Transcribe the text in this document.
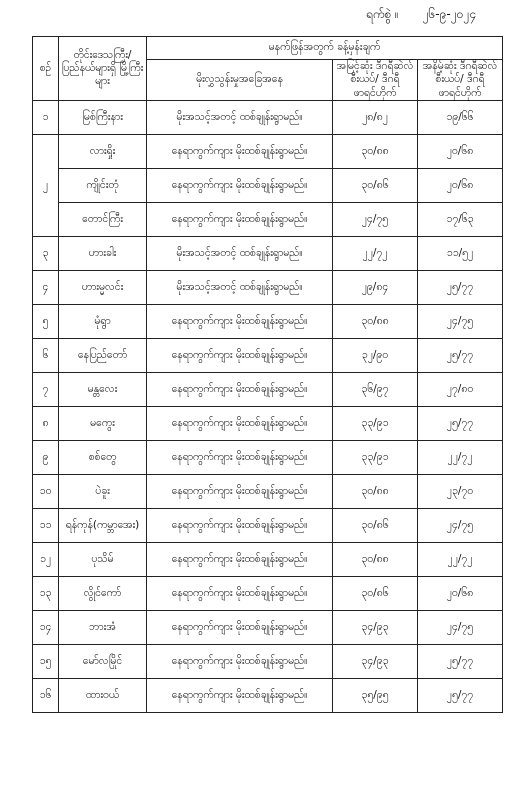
ရက်စွဲ ။ ၂၆-၉-၂၀၂၄
စဉ်	တိုင်းဒေသကြီး/ ပြည်နယ်များရှိ မြို့ကြီးများ	မနက်ဖြန်အတွက် ခန့်မှန်းချက်		
		မိုးလွှသွန်းမှုအခြေအနေ	အမြင့်ဆုံး ဒီဂရီဆဲလ်စီးယပ်/ ဒီဂရီဖာရင်ဟိုက်	အနိမ့်ဆုံး ဒီဂရီဆဲလ်စီးယပ်/ ဒီဂရီဖာရင်ဟိုက်
၁	မြစ်ကြီးနား	မိုးအသင့်အတင့် ထစ်ချုန်းရွာမည်။	၂၈/၈၂	၁၉/၆၆
၂	လားရှိုး	နေရာကွက်ကျား မိုးထစ်ချုန်းရွာမည်။	၃၀/၈၈	၂၀/၆၈
	ကျိုင်းတုံ	နေရာကွက်ကျား မိုးထစ်ချုန်းရွာမည်။	၃၀/၈၆	၂၀/၆၈
	တောင်ကြီး	နေရာကွက်ကျား မိုးထစ်ချုန်းရွာမည်။	၂၄/၇၅	၁၇/၆၃
၃	ဟားခါး	မိုးအသင့်အတင့် ထစ်ချုန်းရွာမည်။	၂၂/၇၂	၁၁/၅၂
၄	ဟားမ္မလင်း	မိုးအသင့်အတင့် ထစ်ချုန်းရွာမည်။	၂၉/၈၄	၂၅/၇၇
၅	မုံရွာ	နေရာကွက်ကျား မိုးထစ်ချုန်းရွာမည်။	၃၀/၈၈	၂၄/၇၅
၆	နေပြည်တော်	နေရာကွက်ကျား မိုးထစ်ချုန်းရွာမည်။	၃၂/၉၀	၂၅/၇၇
၇	မန္တလေး	နေရာကွက်ကျား မိုးထစ်ချုန်းရွာမည်။	၃၆/၉၇	၂၇/၈၀
၈	မကွေး	နေရာကွက်ကျား မိုးထစ်ချုန်းရွာမည်။	၃၃/၉၁	၂၅/၇၇
၉	စစ်တွေ	နေရာကွက်ကျား မိုးထစ်ချုန်းရွာမည်။	၃၃/၉၁	၂၂/၇၂
၁၀	ပဲခူး	နေရာကွက်ကျား မိုးထစ်ချုန်းရွာမည်။	၃၀/၈၈	၂၃/၇၀
၁၁	ရန်ကုန်(ကမ္ဘာအေး)	နေရာကွက်ကျား မိုးထစ်ချုန်းရွာမည်။	၃၀/၈၆	၂၄/၇၅
၁၂	ပုသိမ်	နေရာကွက်ကျား မိုးထစ်ချုန်းရွာမည်။	၃၀/၈၈	၂၂/၇၂
၁၃	လွိုင်ကော်	နေရာကွက်ကျား မိုးထစ်ချုန်းရွာမည်။	၃၀/၈၆	၂၀/၆၈
၁၄	ဘားအံ	နေရာကွက်ကျား မိုးထစ်ချုန်းရွာမည်။	၃၄/၉၃	၂၄/၇၅
၁၅	မော်လမြိုင်	နေရာကွက်ကျား မိုးထစ်ချုန်းရွာမည်။	၃၄/၉၃	၂၅/၇၇
၁၆	ထားဝယ်	နေရာကွက်ကျား မိုးထစ်ချုန်းရွာမည်။	၃၅/၉၅	၂၅/၇၇
